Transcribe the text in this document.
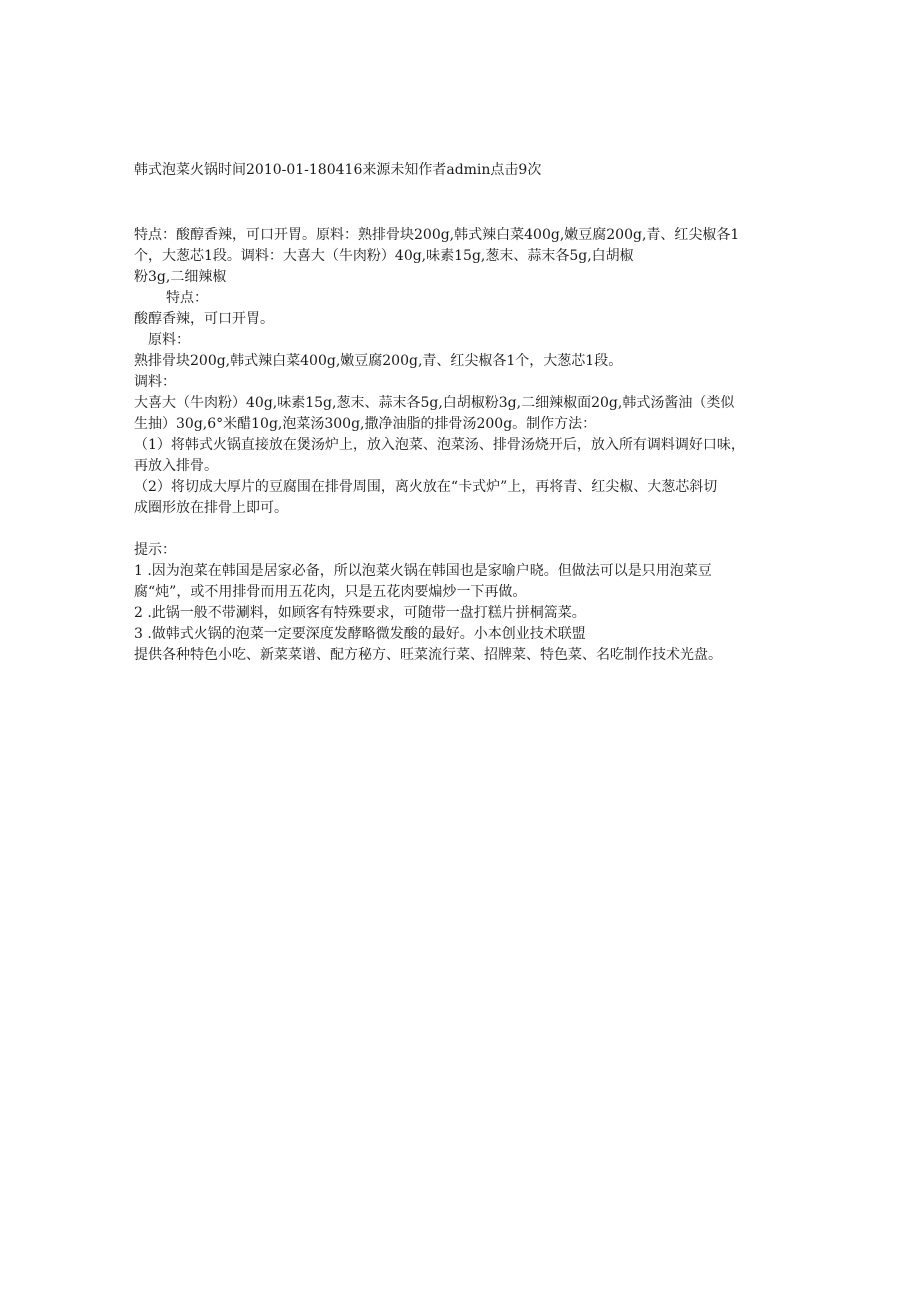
韩式泡菜火锅时间2010-01-180416来源未知作者admin点击9次
特点：酸醇香辣，可口开胃。原料：熟排骨块200g,韩式辣白菜400g,嫩豆腐200g,青、红尖椒各1
个，大葱芯1段。调料：大喜大（牛肉粉）40g,味素15g,葱末、蒜末各5g,白胡椒
粉3g,二细辣椒
特点：
酸醇香辣，可口开胃。
原料：
熟排骨块200g,韩式辣白菜400g,嫩豆腐200g,青、红尖椒各1个，大葱芯1段。
调料：
大喜大（牛肉粉）40g,味素15g,葱末、蒜末各5g,白胡椒粉3g,二细辣椒面20g,韩式汤酱油（类似
生抽）30g,6°米醋10g,泡菜汤300g,撒净油脂的排骨汤200g。制作方法：
（1）将韩式火锅直接放在煲汤炉上，放入泡菜、泡菜汤、排骨汤烧开后，放入所有调料调好口味，
再放入排骨。
（2）将切成大厚片的豆腐围在排骨周围，离火放在“卡式炉”上，再将青、红尖椒、大葱芯斜切
成圈形放在排骨上即可。
提示：
1 .因为泡菜在韩国是居家必备，所以泡菜火锅在韩国也是家喻户晓。但做法可以是只用泡菜豆
腐“炖”，或不用排骨而用五花肉，只是五花肉要煸炒一下再做。
2 .此锅一般不带涮料，如顾客有特殊要求，可随带一盘打糕片拼桐篙菜。
3 .做韩式火锅的泡菜一定要深度发酵略微发酸的最好。小本创业技术联盟
提供各种特色小吃、新菜菜谱、配方秘方、旺菜流行菜、招牌菜、特色菜、名吃制作技术光盘。
